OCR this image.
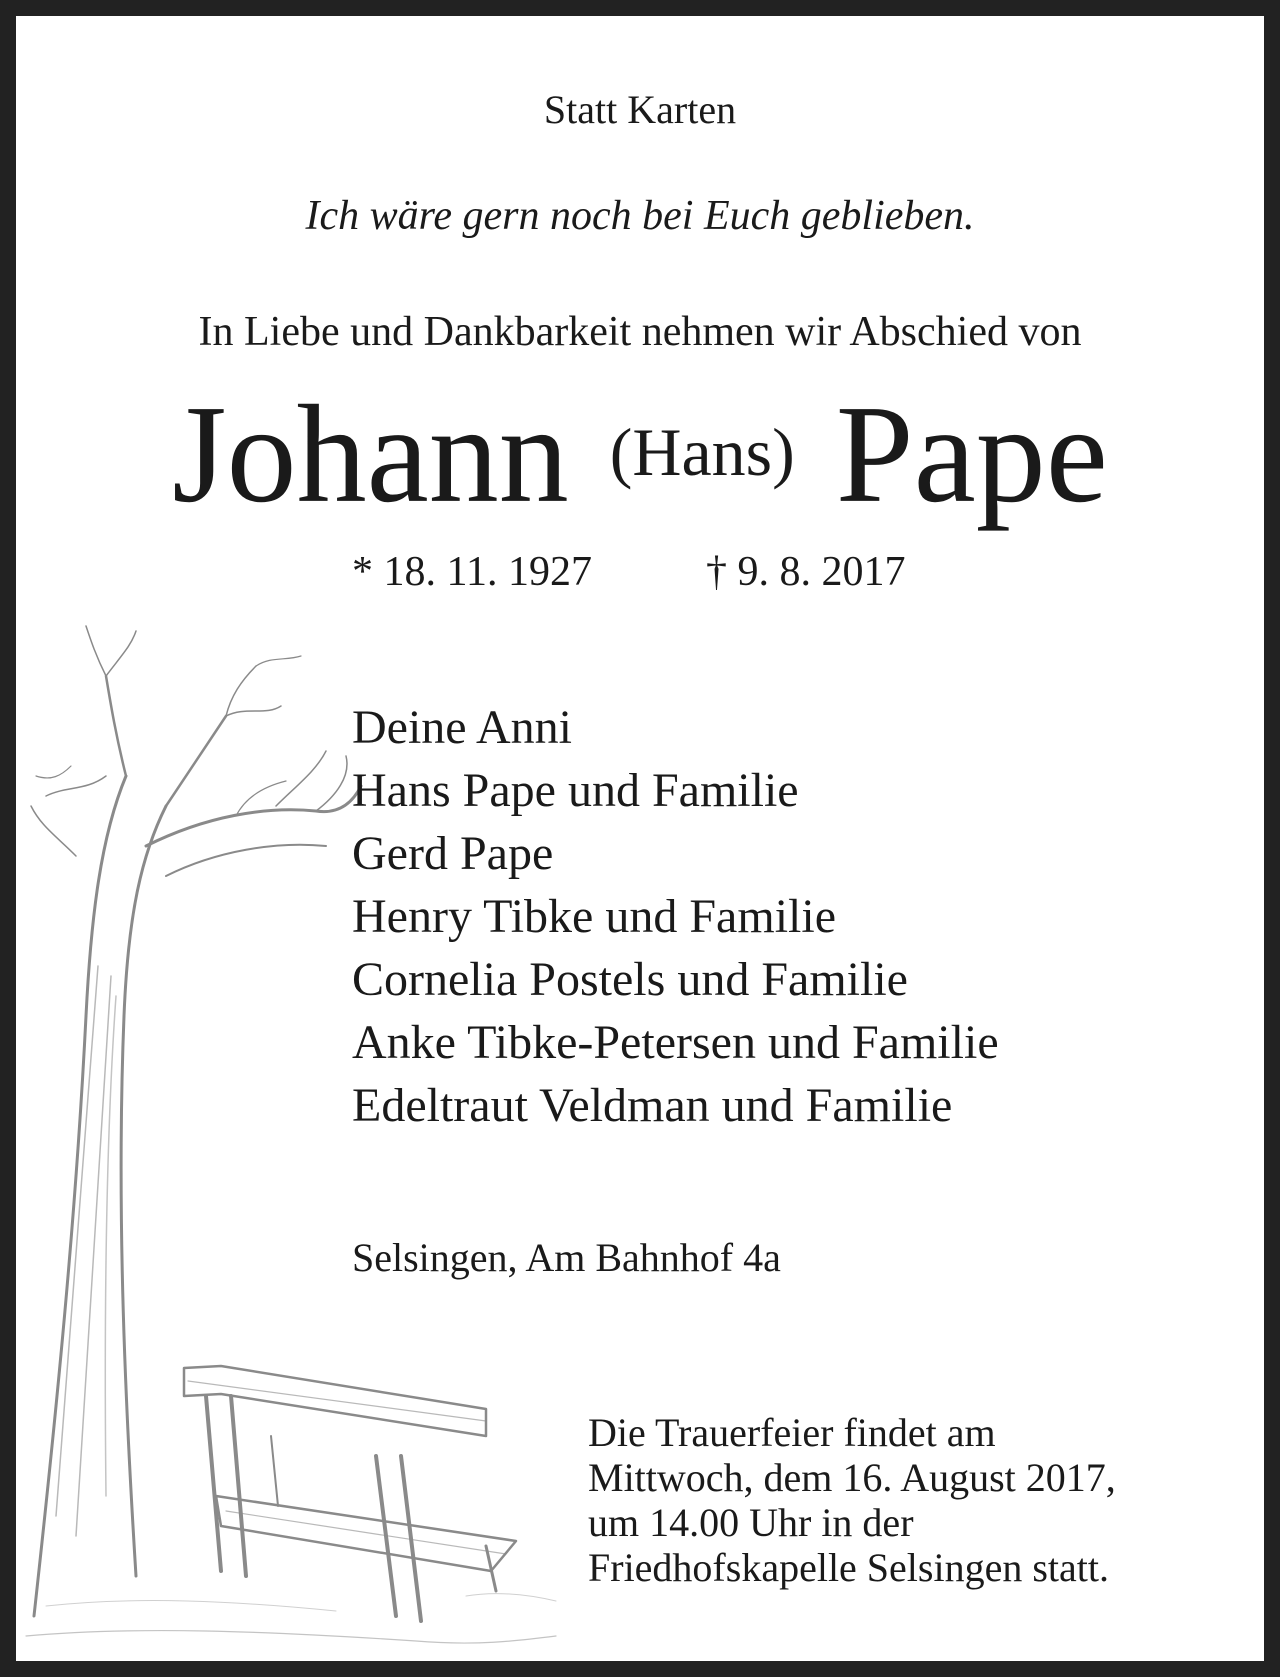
Statt Karten

Ich wäre gern noch bei Euch geblieben.

In Liebe und Dankbarkeit nehmen wir Abschied von

Johann (Hans) Pape

* 18. 11. 1927	† 9. 8. 2017

Deine Anni
Hans Pape und Familie
Gerd Pape
Henry Tibke und Familie
Cornelia Postels und Familie
Anke Tibke-Petersen und Familie
Edeltraut Veldman und Familie

Selsingen, Am Bahnhof 4a

Die Trauerfeier findet am
Mittwoch, dem 16. August 2017,
um 14.00 Uhr in der
Friedhofskapelle Selsingen statt.
